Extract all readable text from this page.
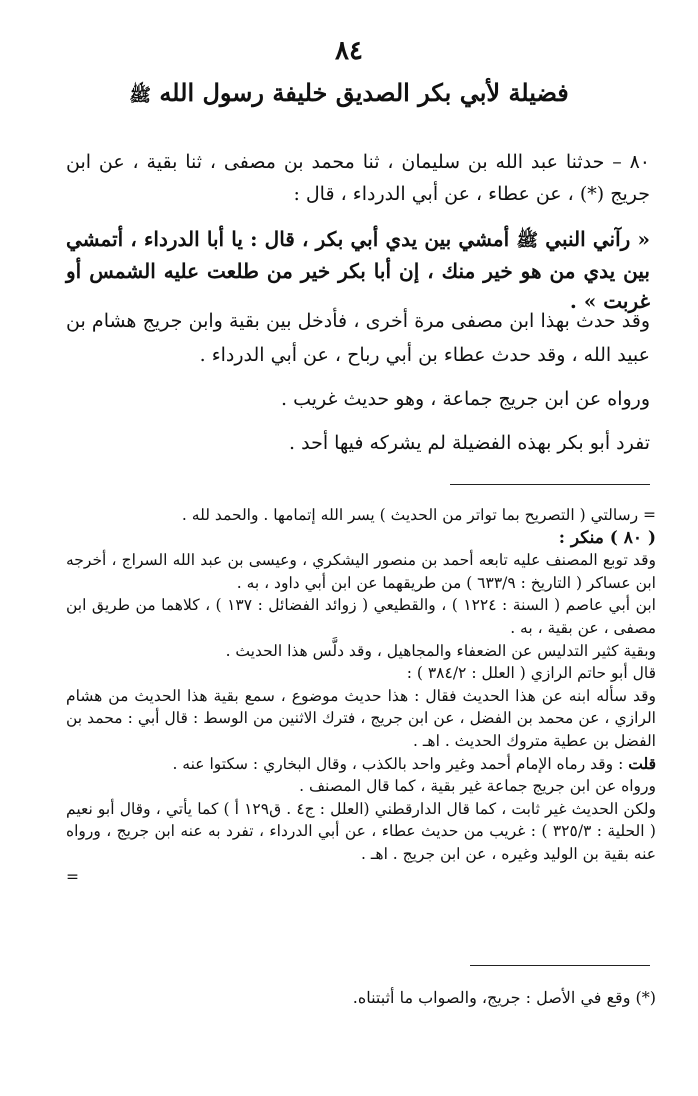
٨٤
فضيلة لأبي بكر الصديق خليفة رسول الله ﷺ

٨٠ – حدثنا عبد الله بن سليمان ، ثنا محمد بن مصفى ، ثنا بقية ، عن ابن جريج (*) ، عن عطاء ، عن أبي الدرداء ، قال :

« رآني النبي ﷺ أمشي بين يدي أبي بكر ، قال : يا أبا الدرداء ، أتمشي بين يدي من هو خير منك ، إن أبا بكر خير من طلعت عليه الشمس أو غربت » .

وقد حدث بهذا ابن مصفى مرة أخرى ، فأدخل بين بقية وابن جريج هشام بن عبيد الله ، وقد حدث عطاء بن أبي رباح ، عن أبي الدرداء .

ورواه عن ابن جريج جماعة ، وهو حديث غريب .

تفرد أبو بكر بهذه الفضيلة لم يشركه فيها أحد .

= رسالتي ( التصريح بما تواتر من الحديث ) يسر الله إتمامها . والحمد لله .

( ٨٠ ) منكر :

وقد توبع المصنف عليه تابعه أحمد بن منصور اليشكري ، وعيسى بن عبد الله السراج ، أخرجه ابن عساكر ( التاريخ : ٦٣٣/٩ ) من طريقهما عن ابن أبي داود ، به .

ابن أبي عاصم ( السنة : ١٢٢٤ ) ، والقطيعي ( زوائد الفضائل : ١٣٧ ) ، كلاهما من طريق ابن مصفى ، عن بقية ، به .

وبقية كثير التدليس عن الضعفاء والمجاهيل ، وقد دلَّس هذا الحديث .

قال أبو حاتم الرازي ( العلل : ٣٨٤/٢ ) :

وقد سأله ابنه عن هذا الحديث فقال : هذا حديث موضوع ، سمع بقية هذا الحديث من هشام الرازي ، عن محمد بن الفضل ، عن ابن جريج ، فترك الاثنين من الوسط : قال أبي : محمد بن الفضل بن عطية متروك الحديث . اهـ .

قلت : وقد رماه الإمام أحمد وغير واحد بالكذب ، وقال البخاري : سكتوا عنه .

ورواه عن ابن جريج جماعة غير بقية ، كما قال المصنف .

ولكن الحديث غير ثابت ، كما قال الدارقطني (العلل : ج٤ . ق١٢٩ أ ) كما يأتي ، وقال أبو نعيم ( الحلية : ٣٢٥/٣ ) : غريب من حديث عطاء ، عن أبي الدرداء ، تفرد به عنه ابن جريج ، ورواه عنه بقية بن الوليد وغيره ، عن ابن جريج . اهـ .

=

(*) وقع في الأصل : جريج، والصواب ما أثبتناه.
